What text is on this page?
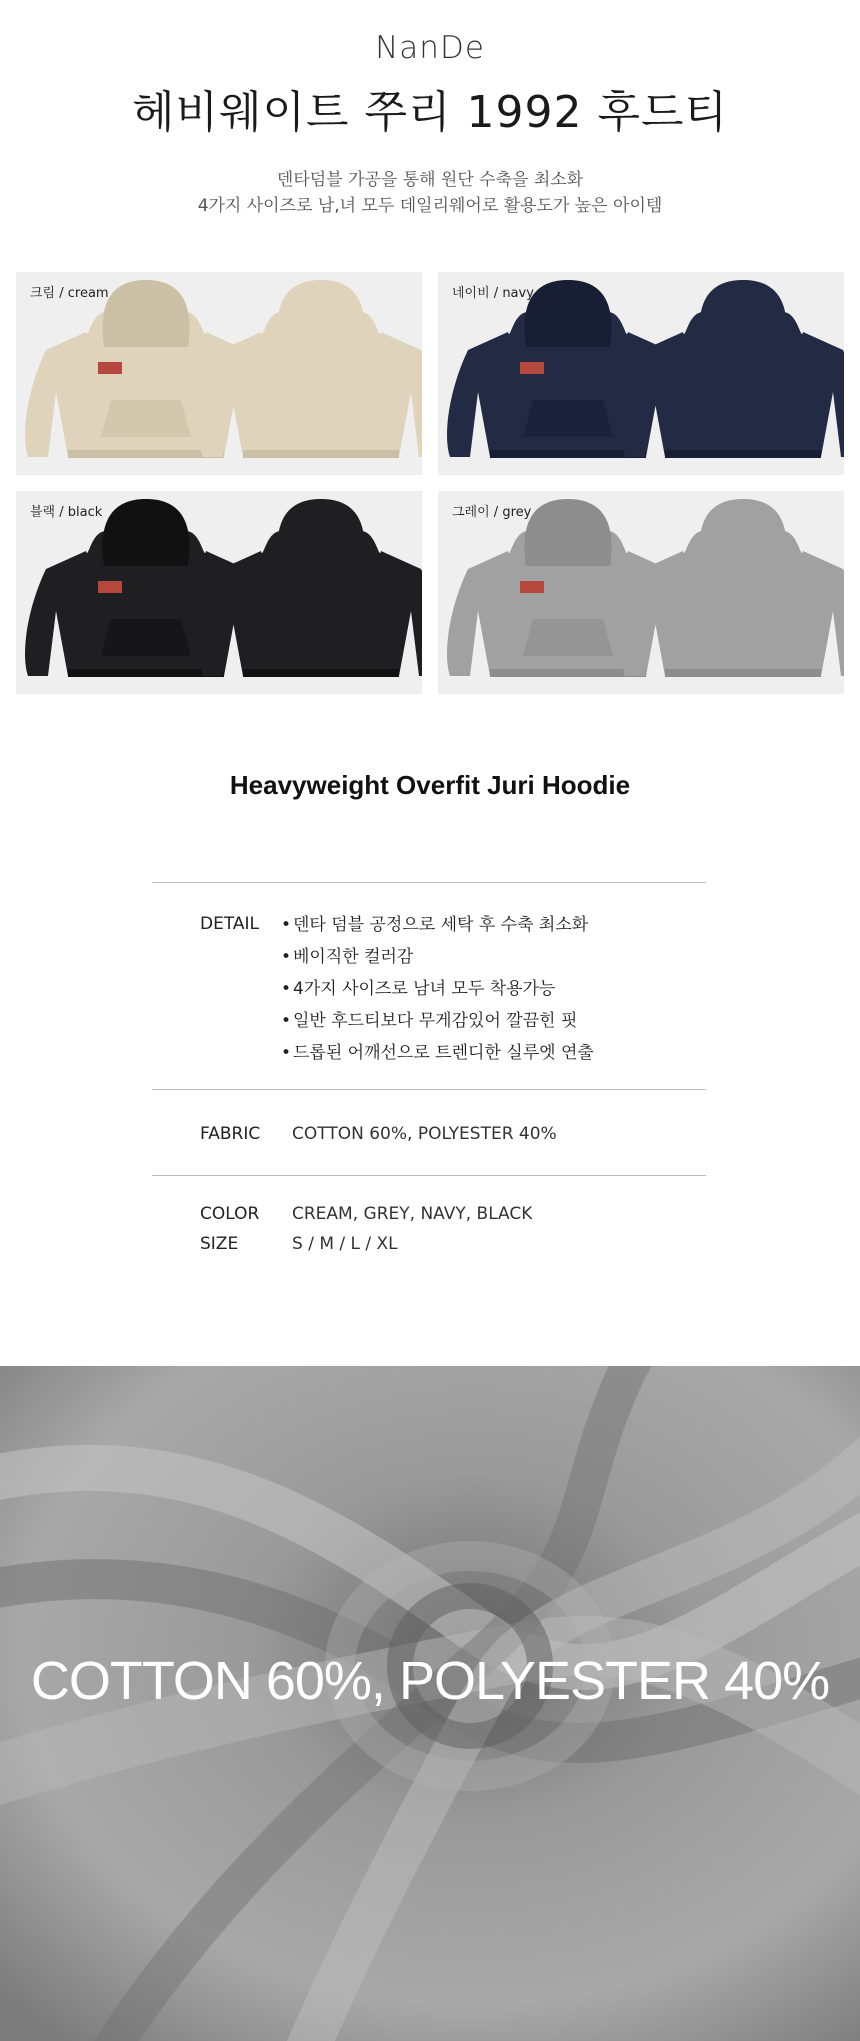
NanDe
헤비웨이트 쭈리 1992 후드티
덴타덤블 가공을 통해 원단 수축을 최소화
4가지 사이즈로 남,녀 모두 데일리웨어로 활용도가 높은 아이템
크림 / cream	네이비 / navy
블랙 / black	그레이 / grey
Heavyweight Overfit Juri Hoodie
DETAIL
•	덴타 덤블 공정으로 세탁 후 수축 최소화
• 베이직한 컬러감
• 4가지 사이즈로 남녀 모두 착용가능
• 일반 후드티보다 무게감있어 깔끔힌 핏
• 드롭된 어깨선으로 트렌디한 실루엣 연출
FABRIC COTTON 60%, POLYESTER 40%
COLOR CREAM, GREY, NAVY, BLACK
SIZE	S / M / L / XL
COTTON 60%, POLYESTER 40%
